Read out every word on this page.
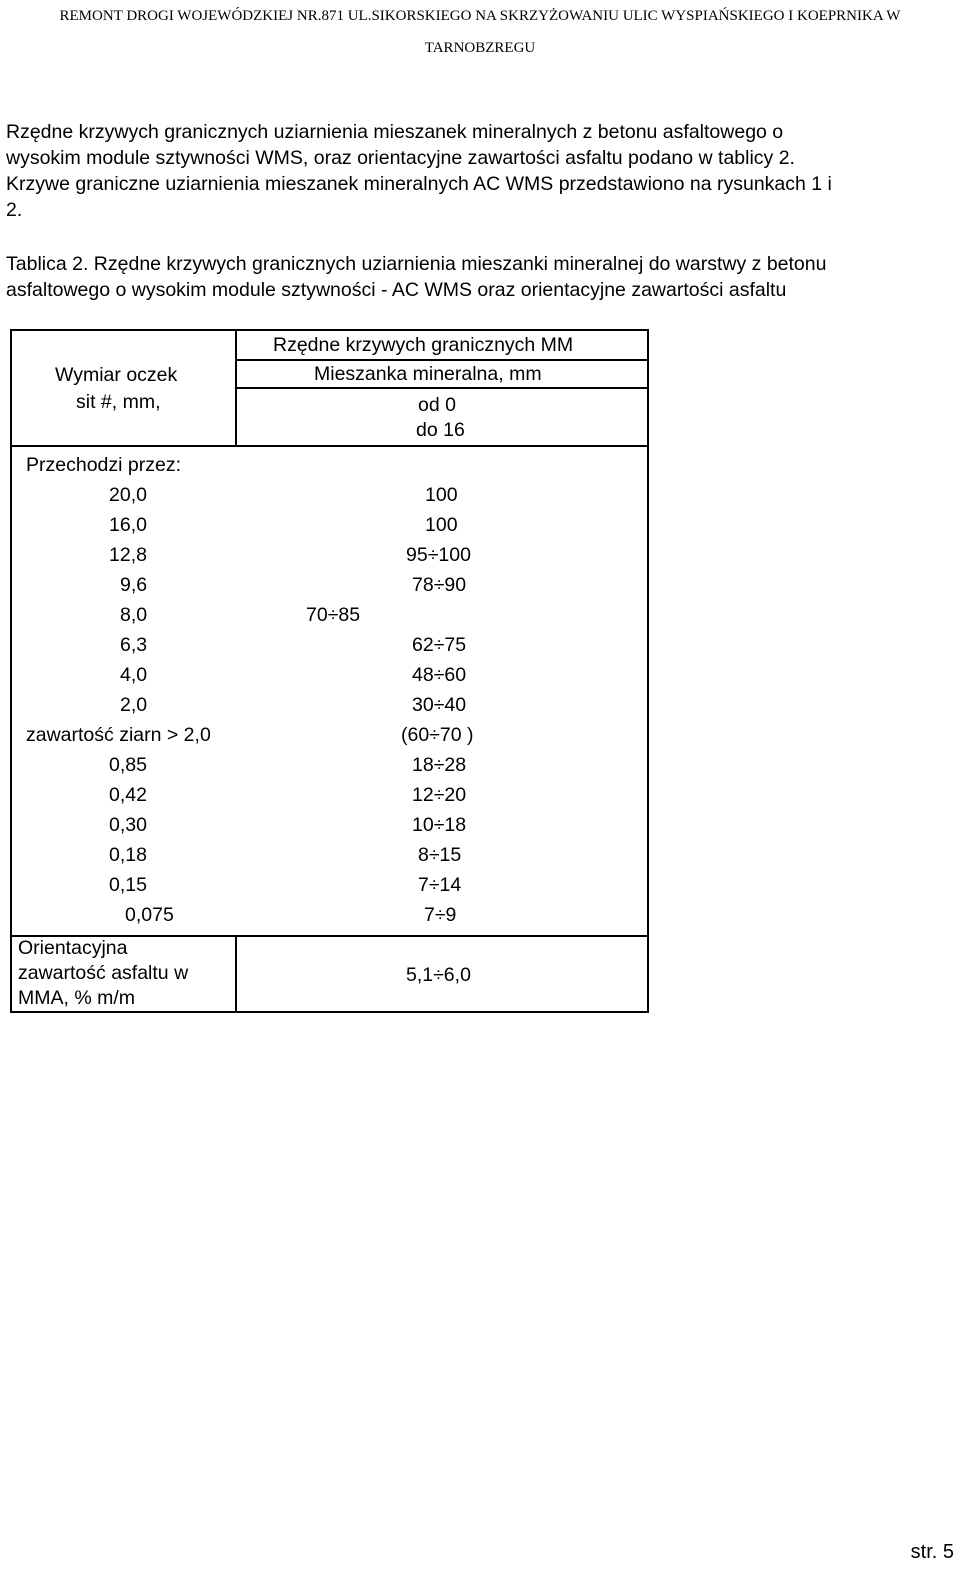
REMONT DROGI WOJEWÓDZKIEJ NR.871 UL.SIKORSKIEGO NA SKRZYŻOWANIU ULIC WYSPIAŃSKIEGO I KOEPRNIKA W
TARNOBZREGU
Rzędne krzywych granicznych uziarnienia mieszanek mineralnych z betonu asfaltowego o
wysokim module sztywności WMS, oraz orientacyjne zawartości asfaltu podano w tablicy 2.
Krzywe graniczne uziarnienia mieszanek mineralnych AC WMS przedstawiono na rysunkach 1 i
2.
Tablica 2. Rzędne krzywych granicznych uziarnienia mieszanki mineralnej do warstwy z betonu
asfaltowego o wysokim module sztywności - AC WMS oraz orientacyjne zawartości asfaltu
Wymiar oczek
sit #, mm,
Rzędne krzywych granicznych MM
Mieszanka mineralna, mm
od 0
do 16
Przechodzi przez:
20,0
16,0
12,8
9,6
8,0
6,3
4,0
2,0
zawartość ziarn > 2,0
0,85
0,42
0,30
0,18
0,15
0,075
100
100
95÷100
78÷90
70÷85
62÷75
48÷60
30÷40
(60÷70 )
18÷28
12÷20
10÷18
8÷15
7÷14
7÷9
Orientacyjna
zawartość asfaltu w
MMA, % m/m
5,1÷6,0
str. 5
